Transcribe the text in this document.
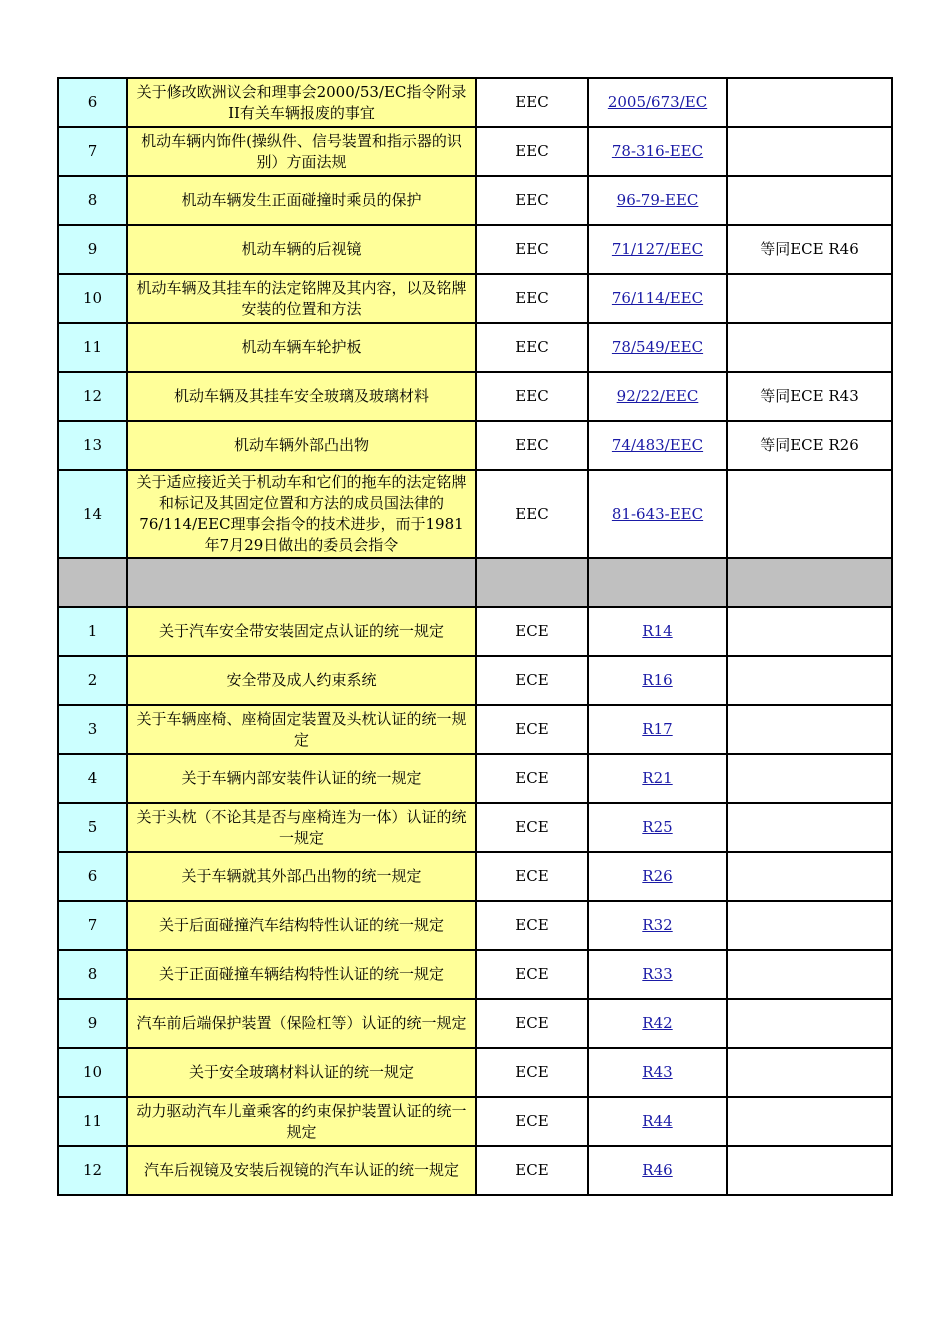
6	关于修改欧洲议会和理事会2000/53/EC指令附录II有关车辆报废的事宜	EEC	2005/673/EC	
7	机动车辆内饰件(操纵件、信号装置和指示器的识别）方面法规	EEC	78-316-EEC	
8	机动车辆发生正面碰撞时乘员的保护	EEC	96-79-EEC	
9	机动车辆的后视镜	EEC	71/127/EEC	等同ECE R46
10	机动车辆及其挂车的法定铭牌及其内容，以及铭牌安装的位置和方法	EEC	76/114/EEC	
11	机动车辆车轮护板	EEC	78/549/EEC	
12	机动车辆及其挂车安全玻璃及玻璃材料	EEC	92/22/EEC	等同ECE R43
13	机动车辆外部凸出物	EEC	74/483/EEC	等同ECE R26
14	关于适应接近关于机动车和它们的拖车的法定铭牌和标记及其固定位置和方法的成员国法律的76/114/EEC理事会指令的技术进步，而于1981年7月29日做出的委员会指令	EEC	81-643-EEC	

1	关于汽车安全带安装固定点认证的统一规定	ECE	R14	
2	安全带及成人约束系统	ECE	R16	
3	关于车辆座椅、座椅固定装置及头枕认证的统一规定	ECE	R17	
4	关于车辆内部安装件认证的统一规定	ECE	R21	
5	关于头枕（不论其是否与座椅连为一体）认证的统一规定	ECE	R25	
6	关于车辆就其外部凸出物的统一规定	ECE	R26	
7	关于后面碰撞汽车结构特性认证的统一规定	ECE	R32	
8	关于正面碰撞车辆结构特性认证的统一规定	ECE	R33	
9	汽车前后端保护装置（保险杠等）认证的统一规定	ECE	R42	
10	关于安全玻璃材料认证的统一规定	ECE	R43	
11	动力驱动汽车儿童乘客的约束保护装置认证的统一规定	ECE	R44	
12	汽车后视镜及安装后视镜的汽车认证的统一规定	ECE	R46	
